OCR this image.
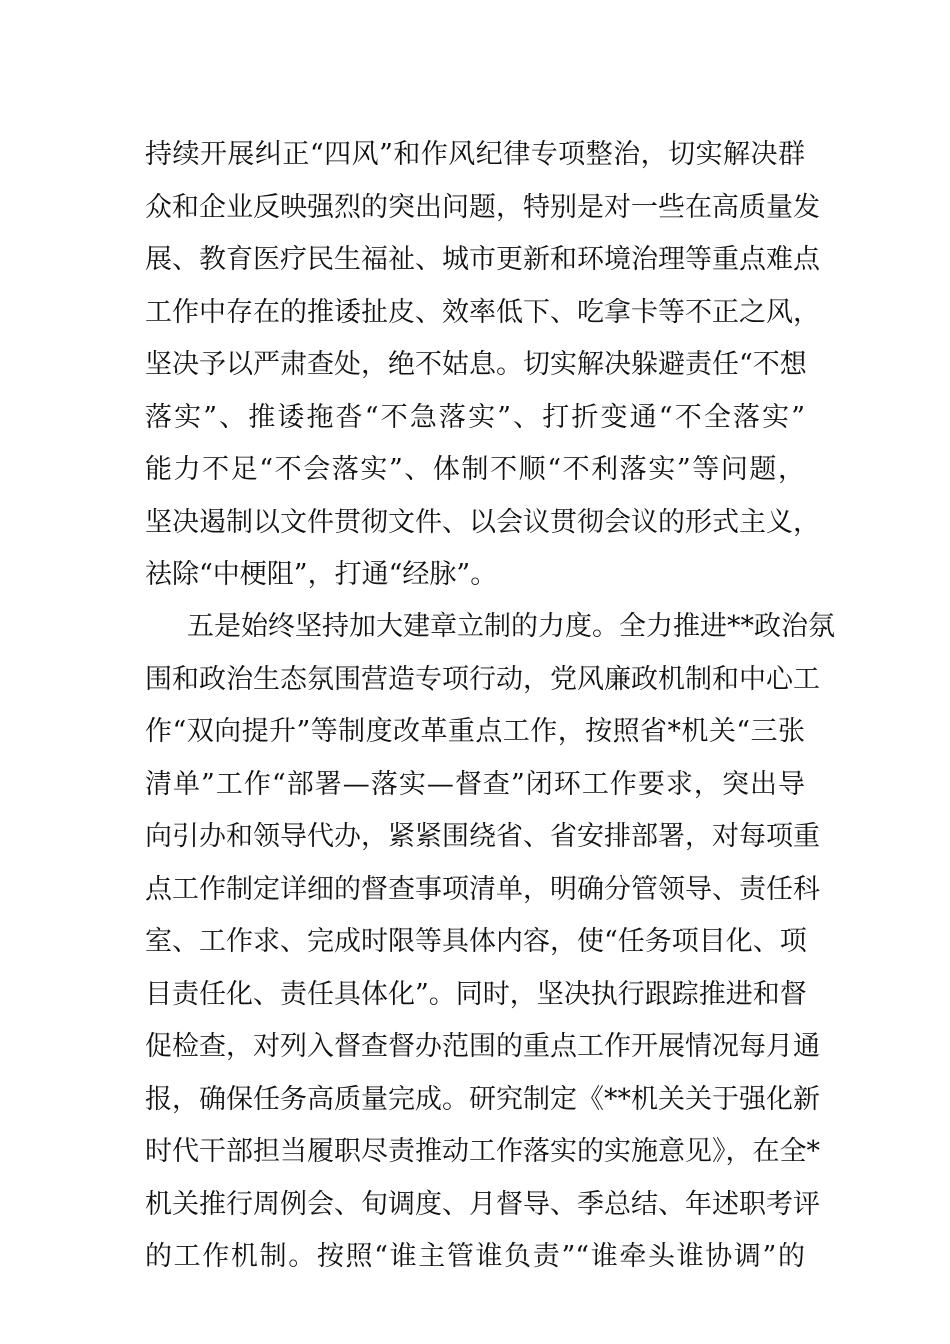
持续开展纠正“四风”和作风纪律专项整治，切实解决群
众和企业反映强烈的突出问题，特别是对一些在高质量发
展、教育医疗民生福祉、城市更新和环境治理等重点难点
工作中存在的推诿扯皮、效率低下、吃拿卡等不正之风，
坚决予以严肃查处，绝不姑息。切实解决躲避责任“不想
落实”、推诿拖沓“不急落实”、打折变通“不全落实”
能力不足“不会落实”、体制不顺“不利落实”等问题，
坚决遏制以文件贯彻文件、以会议贯彻会议的形式主义，
祛除“中梗阻”，打通“经脉”。
五是始终坚持加大建章立制的力度。全力推进**政治氛
围和政治生态氛围营造专项行动，党风廉政机制和中心工
作“双向提升”等制度改革重点工作，按照省*机关“三张
清单”工作“部署—落实—督查”闭环工作要求，突出导
向引办和领导代办，紧紧围绕省、省安排部署，对每项重
点工作制定详细的督查事项清单，明确分管领导、责任科
室、工作求、完成时限等具体内容，使“任务项目化、项
目责任化、责任具体化”。同时，坚决执行跟踪推进和督
促检查，对列入督查督办范围的重点工作开展情况每月通
报，确保任务高质量完成。研究制定《**机关关于强化新
时代干部担当履职尽责推动工作落实的实施意见》，在全*
机关推行周例会、旬调度、月督导、季总结、年述职考评
的工作机制。按照“谁主管谁负责”“谁牵头谁协调”的
